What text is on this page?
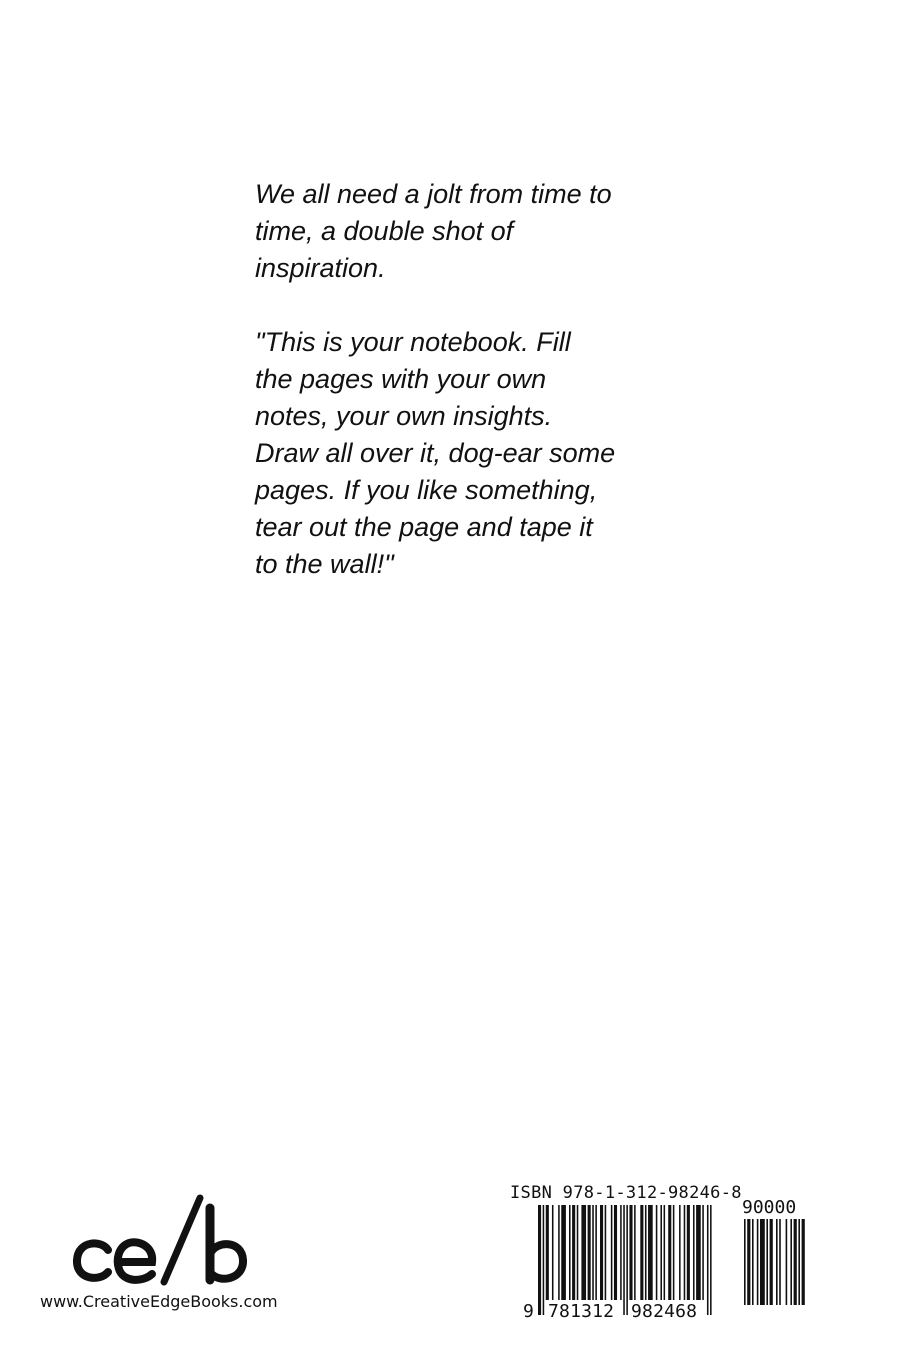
We all need a jolt from time to
time, a double shot of
inspiration.
"This is your notebook. Fill
the pages with your own
notes, your own insights.
Draw all over it, dog-ear some
pages. If you like something,
tear out the page and tape it
to the wall!"
www.CreativeEdgeBooks.com
ISBN 978-1-312-98246-8
90000
9 781312 982468
